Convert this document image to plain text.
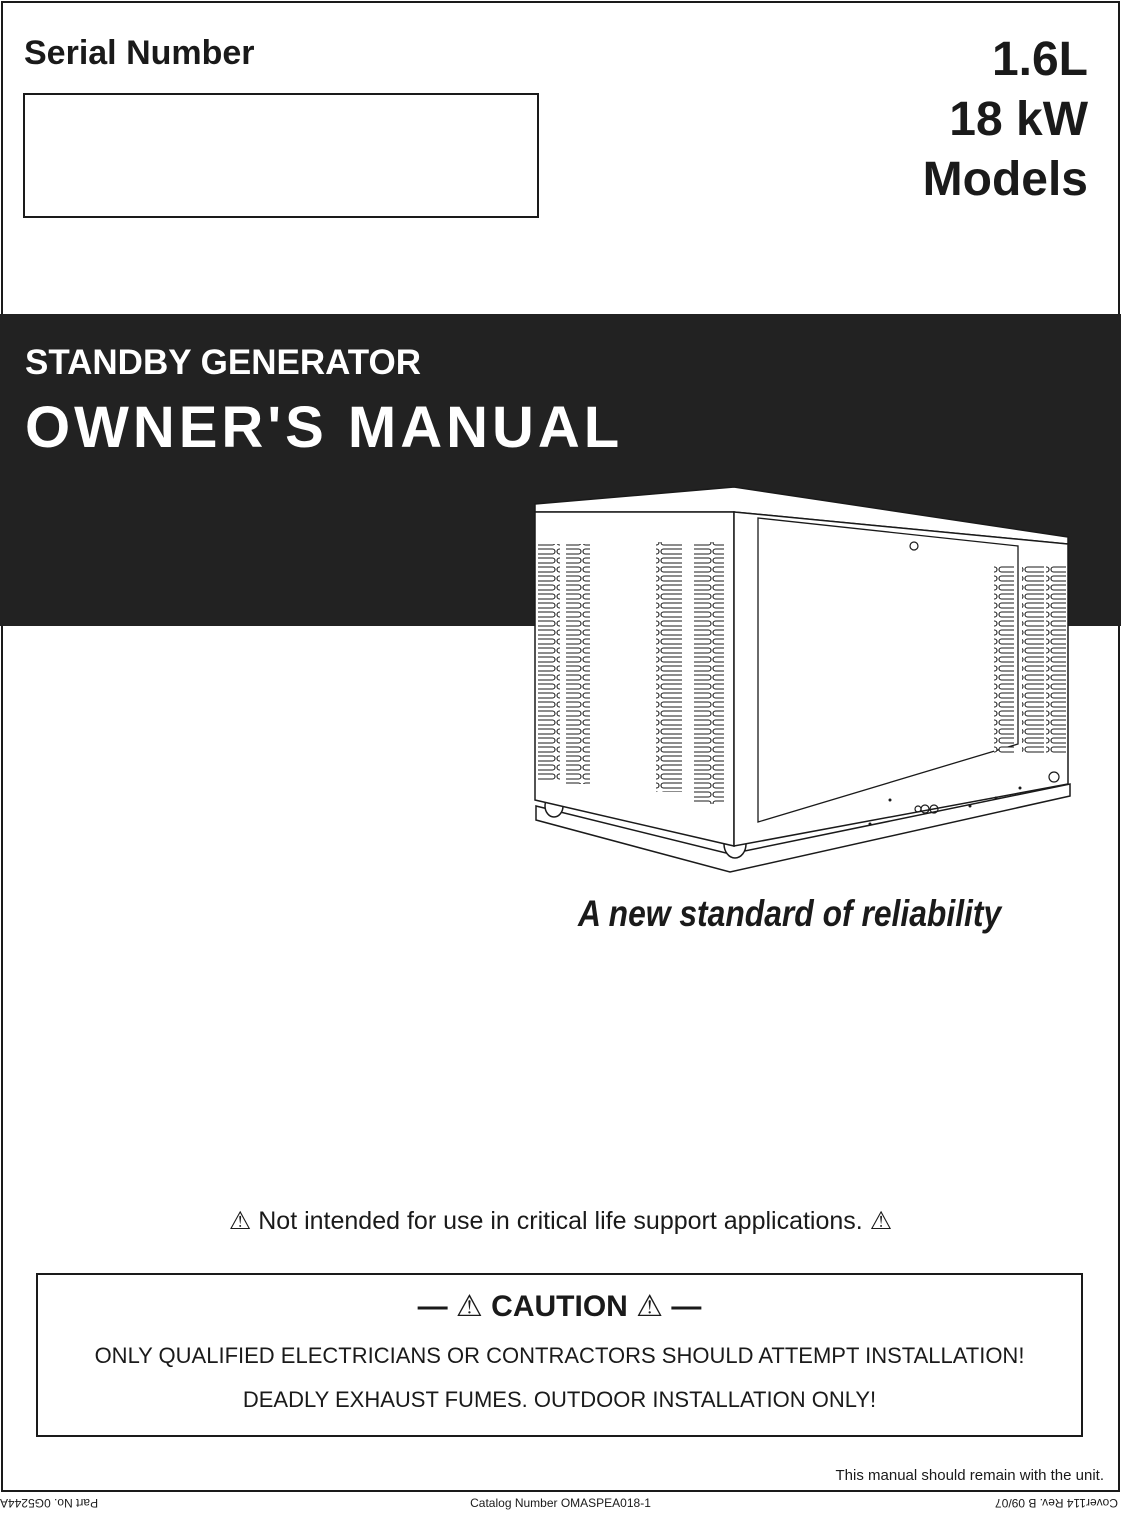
Serial Number	1.6L
18 kW
Models
STANDBY GENERATOR
OWNER'S MANUAL
A new standard of reliability
⚠ Not intended for use in critical life support applications. ⚠
— ⚠ CAUTION ⚠ —
ONLY QUALIFIED ELECTRICIANS OR CONTRACTORS SHOULD ATTEMPT INSTALLATION!
DEADLY EXHAUST FUMES. OUTDOOR INSTALLATION ONLY!
This manual should remain with the unit.
Part No. 0G5244A	Catalog Number OMASPEA018-1	Cover114 Rev. B 09/07
